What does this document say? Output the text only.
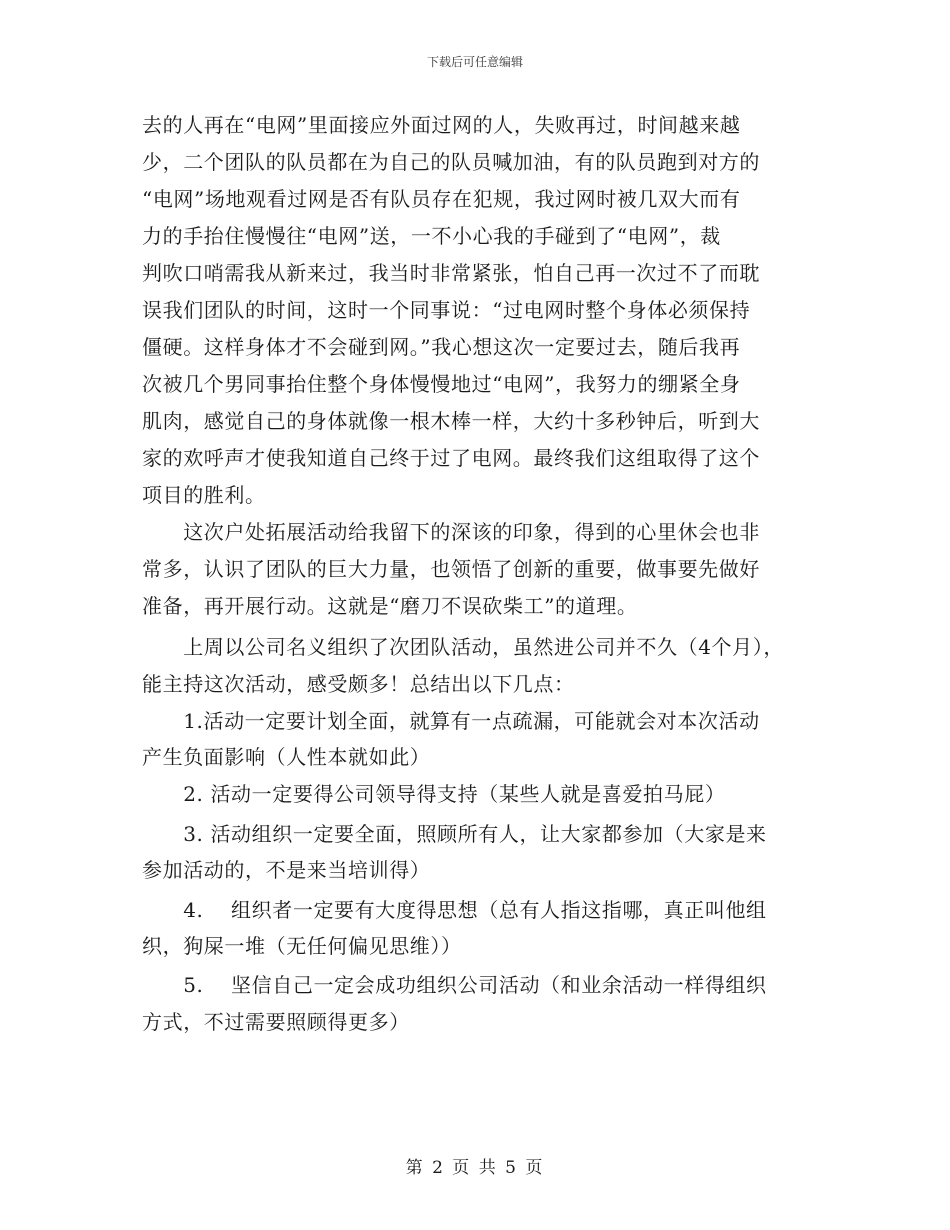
下载后可任意编辑
去的人再在“电网”里面接应外面过网的人，失败再过，时间越来越
少，二个团队的队员都在为自己的队员喊加油，有的队员跑到对方的
“电网”场地观看过网是否有队员存在犯规，我过网时被几双大而有
力的手抬住慢慢往“电网”送，一不小心我的手碰到了“电网”，裁
判吹口哨需我从新来过，我当时非常紧张，怕自己再一次过不了而耽
误我们团队的时间，这时一个同事说：“过电网时整个身体必须保持
僵硬。这样身体才不会碰到网。”我心想这次一定要过去，随后我再
次被几个男同事抬住整个身体慢慢地过“电网”，我努力的绷紧全身
肌肉，感觉自己的身体就像一根木棒一样，大约十多秒钟后，听到大
家的欢呼声才使我知道自己终于过了电网。最终我们这组取得了这个
项目的胜利。
　　这次户处拓展活动给我留下的深该的印象，得到的心里休会也非
常多，认识了团队的巨大力量，也领悟了创新的重要，做事要先做好
准备，再开展行动。这就是“磨刀不误砍柴工”的道理。
　　上周以公司名义组织了次团队活动，虽然进公司并不久（4个月），
能主持这次活动，感受颇多！总结出以下几点：
　　1.活动一定要计划全面，就算有一点疏漏，可能就会对本次活动
产生负面影响（人性本就如此）
　　2. 活动一定要得公司领导得支持（某些人就是喜爱拍马屁）
　　3. 活动组织一定要全面，照顾所有人，让大家都参加（大家是来
参加活动的，不是来当培训得）
　　4.　 组织者一定要有大度得思想（总有人指这指哪，真正叫他组
织，狗屎一堆（无任何偏见思维））
　　5.　 坚信自己一定会成功组织公司活动（和业余活动一样得组织
方式，不过需要照顾得更多）
第 2 页 共 5 页
